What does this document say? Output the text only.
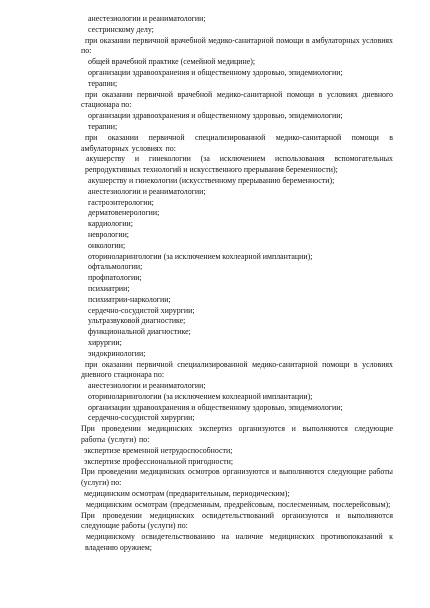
анестезиологии и реаниматологии;

сестринскому делу;

при оказании первичной врачебной медико-санитарной помощи в амбулаторных условиях по:

общей врачебной практике (семейной медицине);

организации здравоохранения и общественному здоровью, эпидемиологии;

терапии;

при оказании первичной врачебной медико-санитарной помощи в условиях дневного стационара по:

организации здравоохранения и общественному здоровью, эпидемиологии;

терапии;

при оказании первичной специализированной медико-санитарной помощи в амбулаторных условиях по:

акушерству и гинекологии (за исключением использования вспомогательных репродуктивных технологий и искусственного прерывания беременности);

акушерству и гинекологии (искусственному прерыванию беременности);

анестезиологии и реаниматологии;

гастроэнтерологии;

дерматовенерологии;

кардиологии;

неврологии;

онкологии;

оториноларингологии (за исключением кохлеарной имплантации);

офтальмологии;

профпатологии;

психиатрии;

психиатрии-наркологии;

сердечно-сосудистой хирургии;

ультразвуковой диагностике;

функциональной диагностике;

хирургии;

эндокринологии;

при оказании первичной специализированной медико-санитарной помощи в условиях дневного стационара по:

анестезиологии и реаниматологии;

оториноларингологии (за исключением кохлеарной имплантации);

организации здравоохранения и общественному здоровью, эпидемиологии;

сердечно-сосудистой хирургии;

При проведении медицинских экспертиз организуются и выполняются следующие работы (услуги) по:

экспертизе временной нетрудоспособности;

экспертизе профессиональной пригодности;

При проведении медицинских осмотров организуются и выполняются следующие работы (услуги) по:

медицинским осмотрам (предварительным, периодическим);

медицинским осмотрам (предсменным, предрейсовым, послесменным, послерейсовым);

При проведении медицинских освидетельствований организуются и выполняются следующие работы (услуги) по:

медицинскому освидетельствованию на наличие медицинских противопоказаний к владению оружием;
